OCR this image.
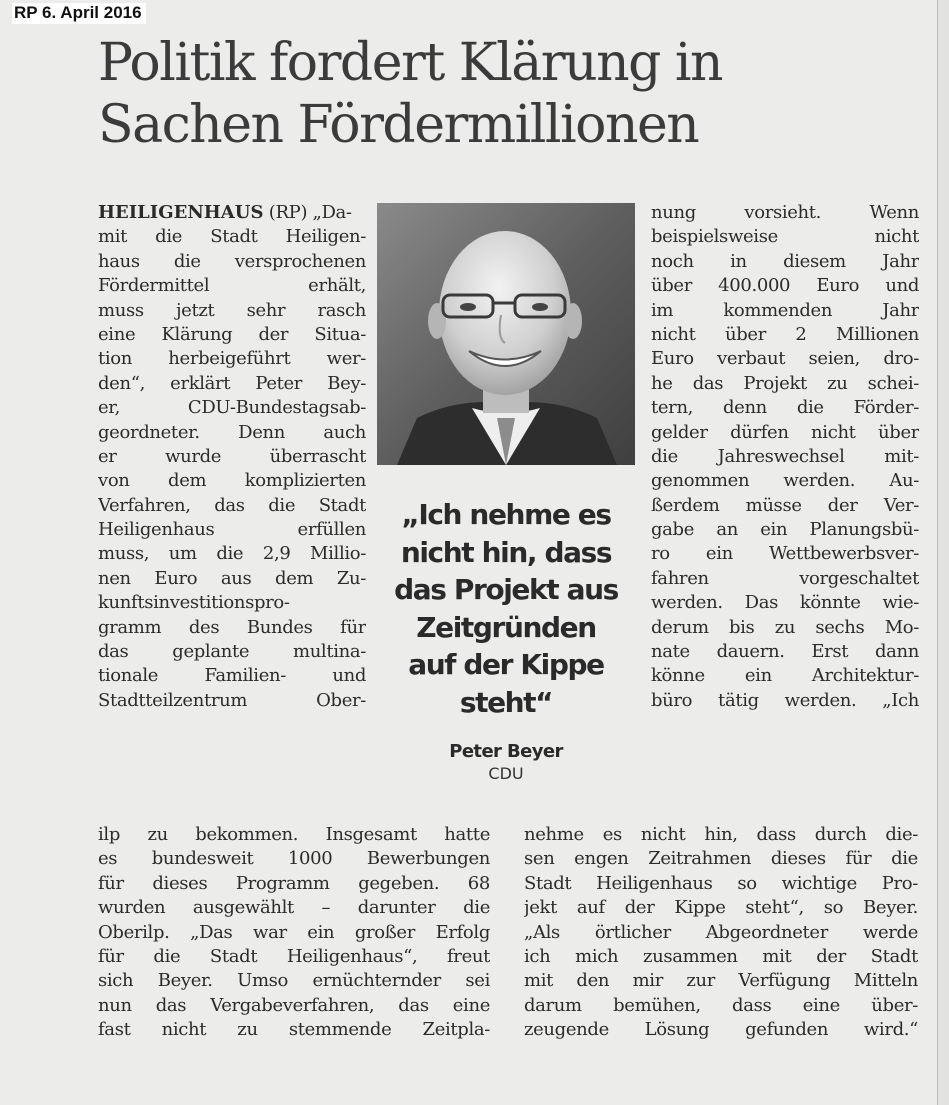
RP 6. April 2016
Politik fordert Klärung in
Sachen Fördermillionen
HEILIGENHAUS (RP) „Da-
mit die Stadt Heiligen-
haus die versprochenen
Fördermittel erhält,
muss jetzt sehr rasch
eine Klärung der Situa-
tion herbeigeführt wer-
den“, erklärt Peter Bey-
er, CDU-Bundestagsab-
geordneter. Denn auch
er wurde überrascht
von dem komplizierten
Verfahren, das die Stadt
Heiligenhaus erfüllen
muss, um die 2,9 Millio-
nen Euro aus dem Zu-
kunftsinvestitionspro-
gramm des Bundes für
das geplante multina-
tionale Familien- und
Stadtteilzentrum Ober-
„Ich nehme es
nicht hin, dass
das Projekt aus
Zeitgründen
auf der Kippe
steht“
Peter Beyer
CDU
nung vorsieht. Wenn
beispielsweise nicht
noch in diesem Jahr
über 400.000 Euro und
im kommenden Jahr
nicht über 2 Millionen
Euro verbaut seien, dro-
he das Projekt zu schei-
tern, denn die Förder-
gelder dürfen nicht über
die Jahreswechsel mit-
genommen werden. Au-
ßerdem müsse der Ver-
gabe an ein Planungsbü-
ro ein Wettbewerbsver-
fahren vorgeschaltet
werden. Das könnte wie-
derum bis zu sechs Mo-
nate dauern. Erst dann
könne ein Architektur-
büro tätig werden. „Ich
ilp zu bekommen. Insgesamt hatte
es bundesweit 1000 Bewerbungen
für dieses Programm gegeben. 68
wurden ausgewählt – darunter die
Oberilp. „Das war ein großer Erfolg
für die Stadt Heiligenhaus“, freut
sich Beyer. Umso ernüchternder sei
nun das Vergabeverfahren, das eine
fast nicht zu stemmende Zeitpla-
nehme es nicht hin, dass durch die-
sen engen Zeitrahmen dieses für die
Stadt Heiligenhaus so wichtige Pro-
jekt auf der Kippe steht“, so Beyer.
„Als örtlicher Abgeordneter werde
ich mich zusammen mit der Stadt
mit den mir zur Verfügung Mitteln
darum bemühen, dass eine über-
zeugende Lösung gefunden wird.“
